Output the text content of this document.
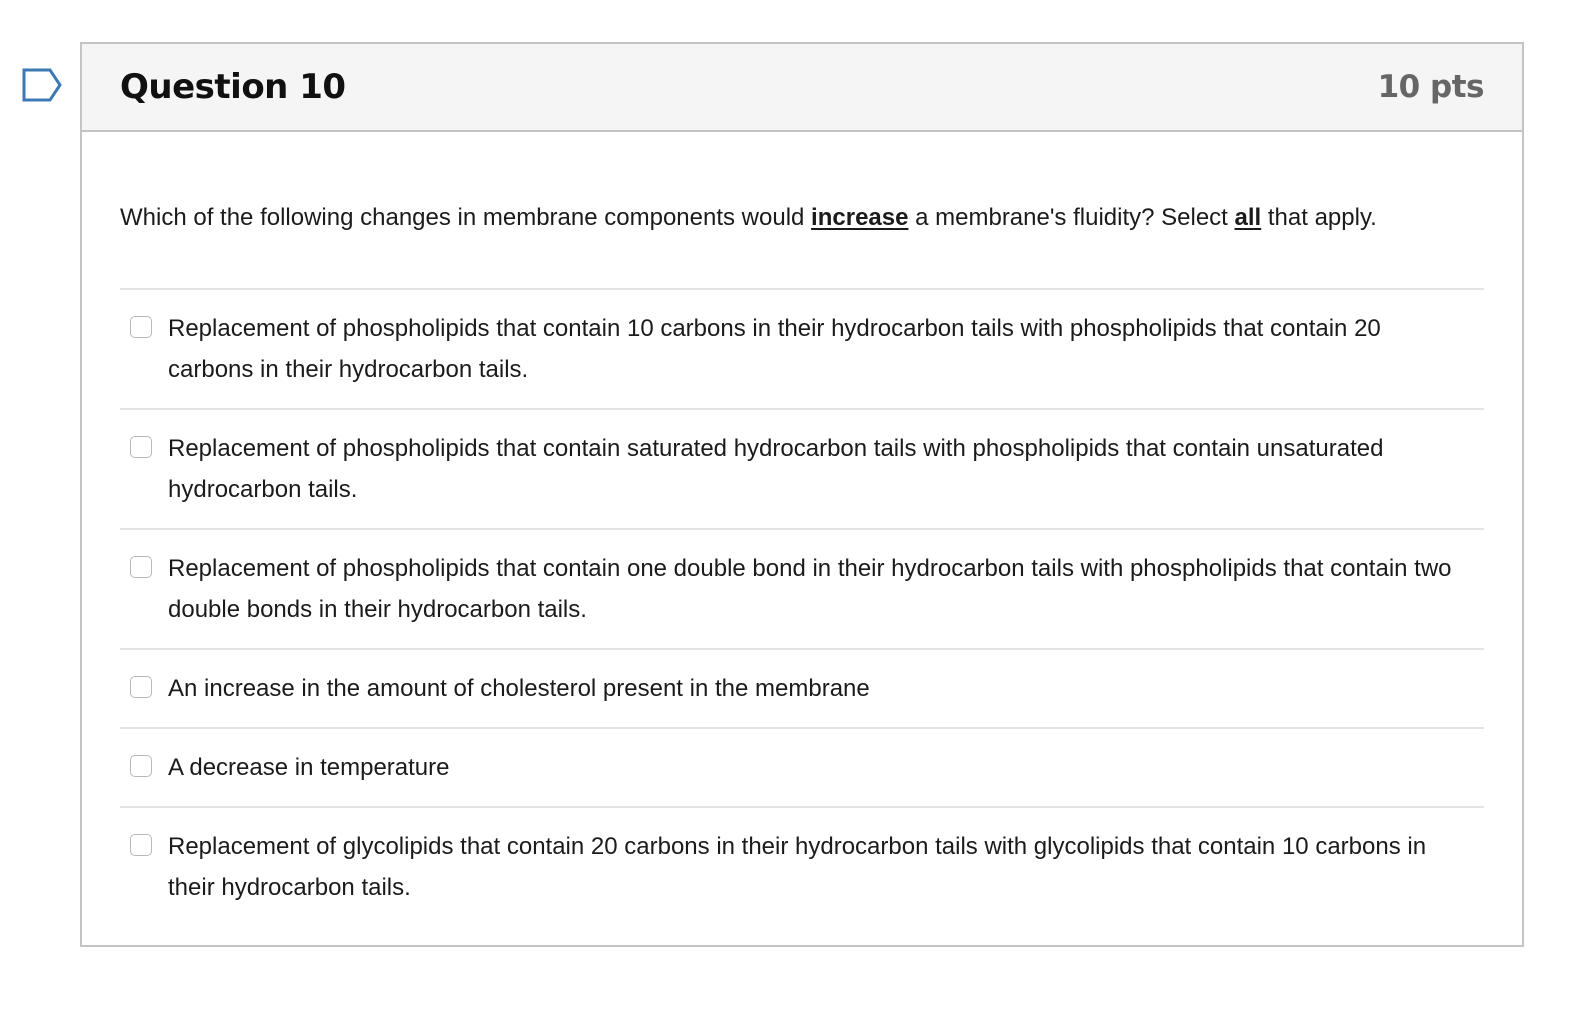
Question 10	10 pts
Which of the following changes in membrane components would increase a membrane's fluidity? Select all that apply.
Replacement of phospholipids that contain 10 carbons in their hydrocarbon tails with phospholipids that contain 20 carbons in their hydrocarbon tails.
Replacement of phospholipids that contain saturated hydrocarbon tails with phospholipids that contain unsaturated hydrocarbon tails.
Replacement of phospholipids that contain one double bond in their hydrocarbon tails with phospholipids that contain two double bonds in their hydrocarbon tails.
An increase in the amount of cholesterol present in the membrane
A decrease in temperature
Replacement of glycolipids that contain 20 carbons in their hydrocarbon tails with glycolipids that contain 10 carbons in their hydrocarbon tails.
